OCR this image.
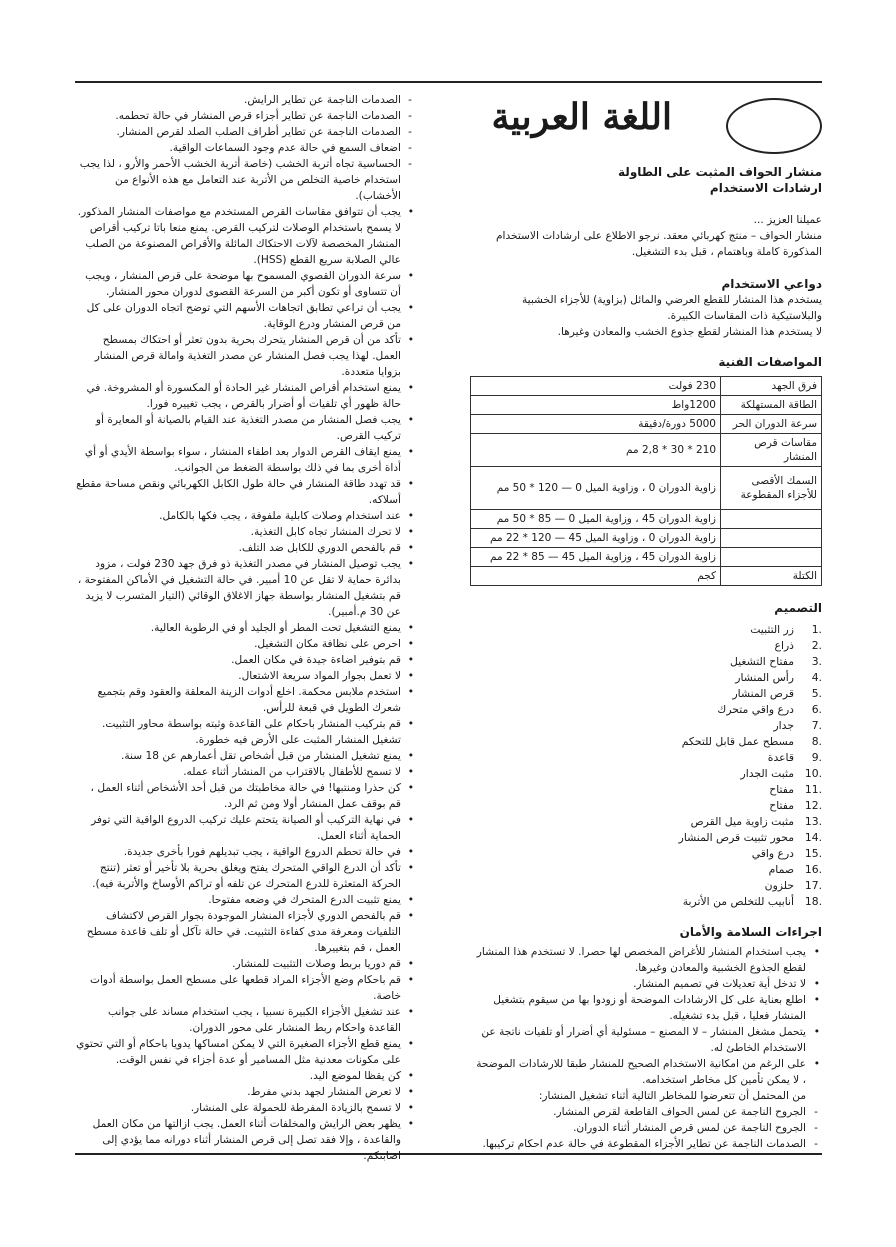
اللغة العربية
منشار الحواف المثبت على الطاولة
ارشادات الاستخدام

عميلنا العزيز ...

منشار الحواف – منتج كهربائي معقد. نرجو الاطلاع على ارشادات الاستخدام المذكورة كاملة وباهتمام ، قبل بدء التشغيل.

دواعي الاستخدام

يستخدم هذا المنشار للقطع العرضي والمائل (بزاوية) للأجزاء الخشبية والبلاستيكية ذات المقاسات الكبيرة.

لا يستخدم هذا المنشار لقطع جذوع الخشب والمعادن وغيرها.

المواصفات الفنية
فرق الجهد	230 فولت
الطاقة المستهلكة	1200واط
سرعة الدوران الحر	5000 دورة/دقيقة
مقاسات قرص المنشار	210 * 30 * 2,8 مم
السمك الأقصى للأجزاء المقطوعة	زاوية الدوران 0 ، وزاوية الميل 0 — 120 * 50 مم
	زاوية الدوران 45 ، وزاوية الميل 0 — 85 * 50 مم
	زاوية الدوران 0 ، وزاوية الميل 45 — 120 * 22 مم
	زاوية الدوران 45 ، وزاوية الميل 45 — 85 * 22 مم
الكتلة	كجم
التصميم
1.
زر التثبيت
2.
ذراع
3.
مفتاح التشغيل
4.
رأس المنشار
5.
قرص المنشار
6.
درع واقي متحرك
7.
جدار
8.
مسطح عمل قابل للتحكم
9.
قاعدة
10.
مثبت الجدار
11.
مفتاح
12.
مفتاح
13.
مثبت زاوية ميل القرص
14.
محور تثبيت قرص المنشار
15.
درع واقي
16.
صمام
17.
حلزون
18.
أنابيب للتخلص من الأتربة
اجراءات السلامة والأمان
• يجب استخدام المنشار للأغراض المخصص لها حصرا. لا تستخدم هذا المنشار لقطع الجذوع الخشبية والمعادن وغيرها.
• لا تدخل أية تعديلات في تصميم المنشار.
• اطلع بعناية على كل الارشادات الموضحة أو زودوا بها من سيقوم بتشغيل المنشار فعليا ، قبل بدء تشغيله.
• يتحمل مشغل المنشار – لا المصنع – مسئولية أي أضرار أو تلفيات ناتجة عن الاستخدام الخاطئ له.
• على الرغم من امكانية الاستخدام الصحيح للمنشار طبقا للارشادات الموضحة ، لا يمكن تأمين كل مخاطر استخدامه.
من المحتمل أن تتعرضوا للمخاطر التالية أثناء تشغيل المنشار:
- الجروح الناجمة عن لمس الحواف القاطعة لقرص المنشار.
- الجروح الناجمة عن لمس قرص المنشار أثناء الدوران.
- الصدمات الناجمة عن تطاير الأجزاء المقطوعة في حالة عدم احكام تركيبها.
- الصدمات الناجمة عن تطاير الرايش.
- الصدمات الناجمة عن تطاير أجزاء قرص المنشار في حالة تحطمه.
- الصدمات الناجمة عن تطاير أطراف الصلب الصلد لقرص المنشار.
- اضعاف السمع في حالة عدم وجود السماعات الواقية.
- الحساسية تجاه أتربة الخشب (خاصة أتربة الخشب الأحمر والأرو ، لذا يجب استخدام خاصية التخلص من الأتربة عند التعامل مع هذه الأنواع من الأخشاب).
• يجب أن تتوافق مقاسات القرص المستخدم مع مواصفات المنشار المذكور. لا يسمح باستخدام الوصلات لتركيب القرص. يمنع منعا باتا تركيب أقراص المنشار المخصصة لآلات الاحتكاك المائلة والأقراص المصنوعة من الصلب عالي الصلابة سريع القطع (HSS).
• سرعة الدوران القصوي المسموح بها موضحة على قرص المنشار ، ويجب أن تتساوى أو تكون أكبر من السرعة القصوى لدوران محور المنشار.
• يجب أن تراعي تطابق اتجاهات الأسهم التي توضح اتجاه الدوران على كل من قرص المنشار ودرع الوقاية.
• تأكد من أن قرص المنشار يتحرك بحرية بدون تعثر أو احتكاك بمسطح العمل. لهذا يجب فصل المنشار عن مصدر التغذية وامالة قرص المنشار بزوايا متعددة.
• يمنع استخدام أقراص المنشار غير الحادة أو المكسورة أو المشروخة. في حالة ظهور أي تلفيات أو أضرار بالقرص ، يجب تغييره فورا.
• يجب فصل المنشار من مصدر التغذية عند القيام بالصيانة أو المعايرة أو تركيب القرص.
• يمنع ايقاف القرص الدوار بعد اطفاء المنشار ، سواء بواسطة الأيدي أو أي أداة أخرى بما في ذلك بواسطة الضغط من الجوانب.
• قد تهدد طاقة المنشار في حالة طول الكابل الكهربائي ونقص مساحة مقطع أسلاكه.
• عند استخدام وصلات كابلية ملفوفة ، يجب فكها بالكامل.
• لا تحرك المنشار تجاه كابل التغذية.
• قم بالفحص الدوري للكابل ضد التلف.
• يجب توصيل المنشار في مصدر التغذية ذو فرق جهد 230 فولت ، مزود بدائرة حماية لا تقل عن 10 أمبير. في حالة التشغيل في الأماكن المفتوحة ، قم بتشغيل المنشار بواسطة جهاز الاغلاق الوقائي (التيار المتسرب لا يزيد عن 30 م.أمبير).
• يمنع التشغيل تحت المطر أو الجليد أو في الرطوبة العالية.
• احرص على نظافة مكان التشغيل.
• قم بتوفير اضاءة جيدة في مكان العمل.
• لا تعمل بجوار المواد سريعة الاشتعال.
• استخدم ملابس محكمة. اخلع أدوات الزينة المعلقة والعقود وقم بتجميع شعرك الطويل في قبعة للرأس.
• قم بتركيب المنشار باحكام على القاعدة وثبته بواسطة محاور التثبيت. تشغيل المنشار المثبت على الأرض فيه خطورة.
• يمنع تشغيل المنشار من قبل أشخاص تقل أعمارهم عن 18 سنة.
• لا تسمح للأطفال بالاقتراب من المنشار أثناء عمله.
• كن حذرا ومنتبها! في حالة مخاطبتك من قبل أحد الأشخاص أثناء العمل ، قم بوقف عمل المنشار أولا ومن ثم الرد.
• في نهاية التركيب أو الصيانة يتحتم عليك تركيب الدروع الواقية التي توفر الحماية أثناء العمل.
• في حالة تحطم الدروع الواقية ، يجب تبديلهم فورا بأخرى جديدة.
• تأكد أن الدرع الواقي المتحرك يفتح ويغلق بحرية بلا تأخير أو تعثر (تنتج الحركة المتعثرة للدرع المتحرك عن تلفه أو تراكم الأوساخ والأتربة فيه).
• يمنع تثبيت الدرع المتحرك في وضعه مفتوحا.
• قم بالفحص الدوري لأجزاء المنشار الموجودة بجوار القرص لاكتشاف التلفيات ومعرفة مدى كفاءة التثبيت. في حالة تآكل أو تلف قاعدة مسطح العمل ، قم بتغييرها.
• قم دوريا بربط وصلات التثبيت للمنشار.
• قم باحكام وضع الأجزاء المراد قطعها على مسطح العمل بواسطة أدوات خاصة.
• عند تشغيل الأجزاء الكبيرة نسبيا ، يجب استخدام مساند على جوانب القاعدة واحكام ربط المنشار على محور الدوران.
• يمنع قطع الأجزاء الصغيرة التي لا يمكن امساكها يدويا باحكام أو التي تحتوي على مكونات معدنية مثل المسامير أو عدة أجزاء في نفس الوقت.
• كن يقظا لموضع اليد.
• لا تعرض المنشار لجهد بدني مفرط.
• لا تسمح بالزيادة المفرطة للحمولة على المنشار.
• يظهر بعض الرايش والمخلفات أثناء العمل. يجب ازالتها من مكان العمل والقاعدة ، وإلا فقد تصل إلى قرص المنشار أثناء دورانه مما يؤدي إلى اصابتكم.
